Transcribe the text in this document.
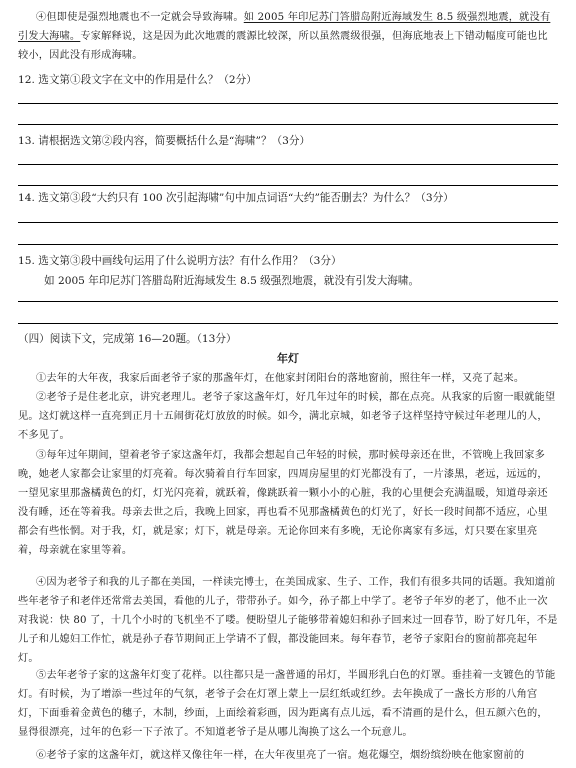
④但即使是强烈地震也不一定就会导致海啸。如 2005 年印尼苏门答腊岛附近海域发生 8.5 级强烈地震，就没有引发大海啸。专家解释说，这是因为此次地震的震源比较深，所以虽然震级很强，但海底地表上下错动幅度可能也比较小，因此没有形成海啸。
12. 选文第①段文字在文中的作用是什么？（2分）
13. 请根据选文第②段内容，简要概括什么是“海啸”？（3分）
14. 选文第③段“大约只有 100 次引起海啸”句中加点词语“大约”能否删去？为什么？（3分）
15. 选文第③段中画线句运用了什么说明方法？有什么作用？（3分）
如 2005 年印尼苏门答腊岛附近海域发生 8.5 级强烈地震，就没有引发大海啸。
（四）阅读下文，完成第 16—20题。（13分）
年灯
①去年的大年夜，我家后面老爷子家的那盏年灯，在他家封闭阳台的落地窗前，照往年一样，又亮了起来。
②老爷子是住老北京，讲究老理儿。老爷子家这盏年灯，好几年过年的时候，都在点亮。从我家的后窗一眼就能望见。这灯就这样一直亮到正月十五闹街花灯放放的时候。如今，满北京城，如老爷子这样坚持守候过年老理儿的人，不多见了。
③每年过年期间，望着老爷子家这盏年灯，我都会想起自己年轻的时候，那时候母亲还在世，不管晚上我回家多晚，她老人家都会让家里的灯亮着。每次骑着自行车回家，四周房屋里的灯光都没有了，一片漆黑，老远，远远的，一望见家里那盏橘黄色的灯，灯光闪亮着，就跃着，像跳跃着一颗小小的心脏，我的心里便会充满温暖，知道母亲还没有睡，还在等着我。母亲去世之后，我晚上回家，再也看不见那盏橘黄色的灯光了，好长一段时间都不适应，心里都会有些怅惘。对于我，灯，就是家；灯下，就是母亲。无论你回来有多晚，无论你离家有多远，灯只要在家里亮着，母亲就在家里等着。
④因为老爷子和我的儿子都在美国，一样读完博士，在美国成家、生子、工作，我们有很多共同的话题。我知道前些年老爷子和老伴还常常去美国，看他的儿子，带带孙子。如今，孙子都上中学了。老爷子年岁的老了，他不止一次对我说：快 80 了，十几个小时的飞机坐不了喽。便盼望儿子能够带着媳妇和孙子回来过一回春节，盼了好几年，不是儿子和儿媳妇工作忙，就是孙子春节期间正上学请不了假，都没能回来。每年春节，老爷子家阳台的窗前都亮起年灯。
⑤去年老爷子家的这盏年灯变了花样。以往都只是一盏普通的吊灯，半圆形乳白色的灯罩。垂挂着一支镀色的节能灯。有时候，为了增添一些过年的气氛，老爷子会在灯罩上蒙上一层红纸或红纱。去年换成了一盏长方形的八角宫灯，下面垂着金黄色的穗子，木制，纱面，上面绘着彩画，因为距离有点儿远，看不清画的是什么，但五颜六色的，显得很漂亮，过年的色彩一下子浓了。不知道老爷子是从哪儿淘换了这么一个玩意儿。
⑥老爷子家的这盏年灯，就这样又像往年一样，在大年夜里亮了一宿。炮花爆空，烟纷缤纷映在他家窗前的
